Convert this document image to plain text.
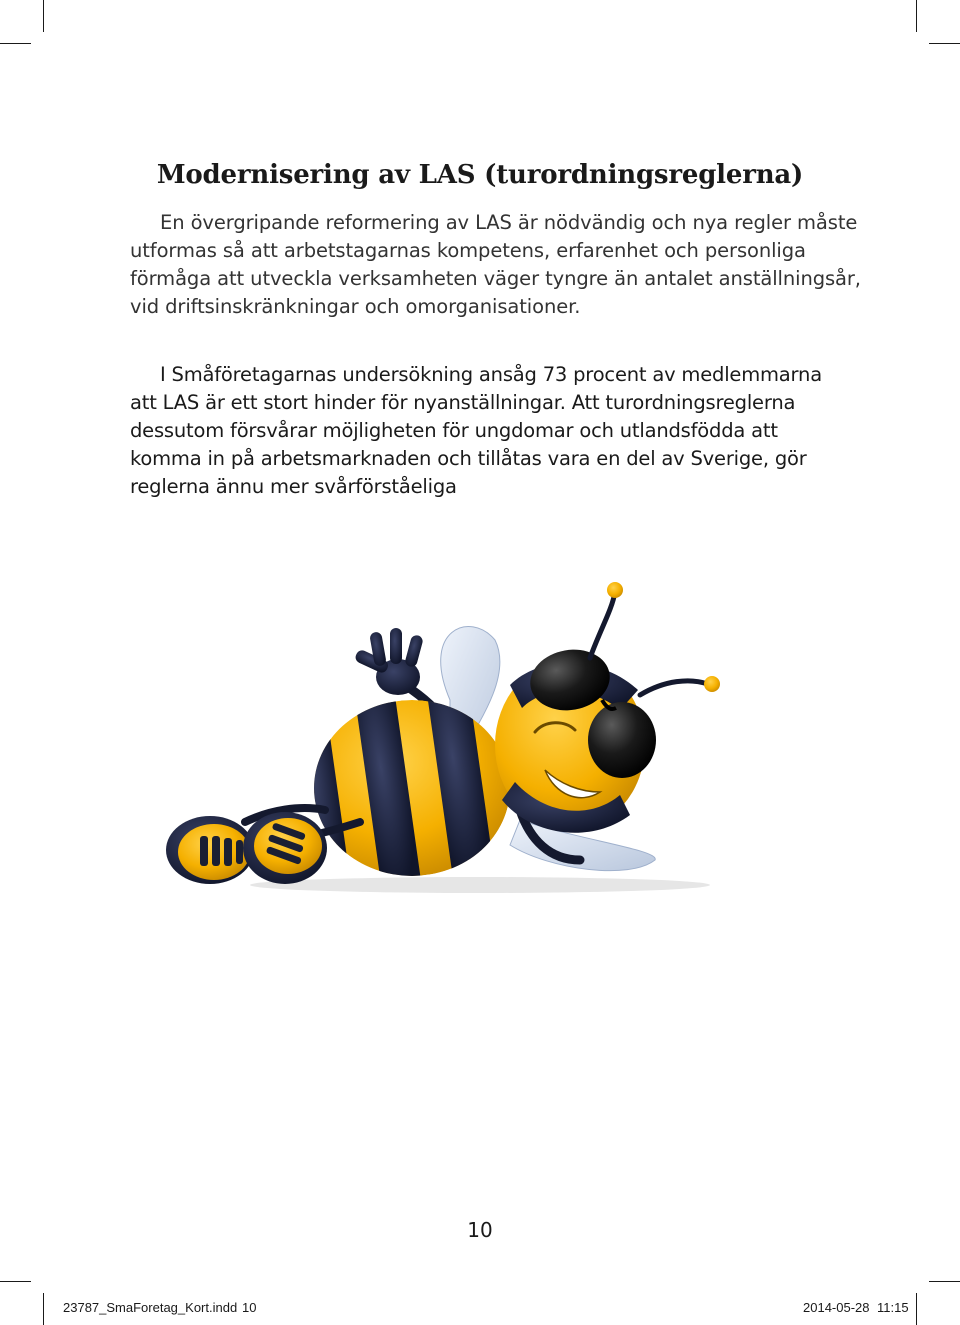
Modernisering av LAS (turordningsreglerna)

En övergripande reformering av LAS är nödvändig och nya regler måste
utformas så att arbetstagarnas kompetens, erfarenhet och personliga
förmåga att utveckla verksamheten väger tyngre än antalet anställningsår,
vid driftsinskränkningar och omorganisationer.

I Småföretagarnas undersökning ansåg 73 procent av medlemmarna
att LAS är ett stort hinder för nyanställningar. Att turordningsreglerna
dessutom försvårar möjligheten för ungdomar och utlandsfödda att
komma in på arbetsmarknaden och tillåtas vara en del av Sverige, gör
reglerna ännu mer svårförståeliga

10
23787_SmaForetag_Kort.indd 10	2014-05-28 11:15
